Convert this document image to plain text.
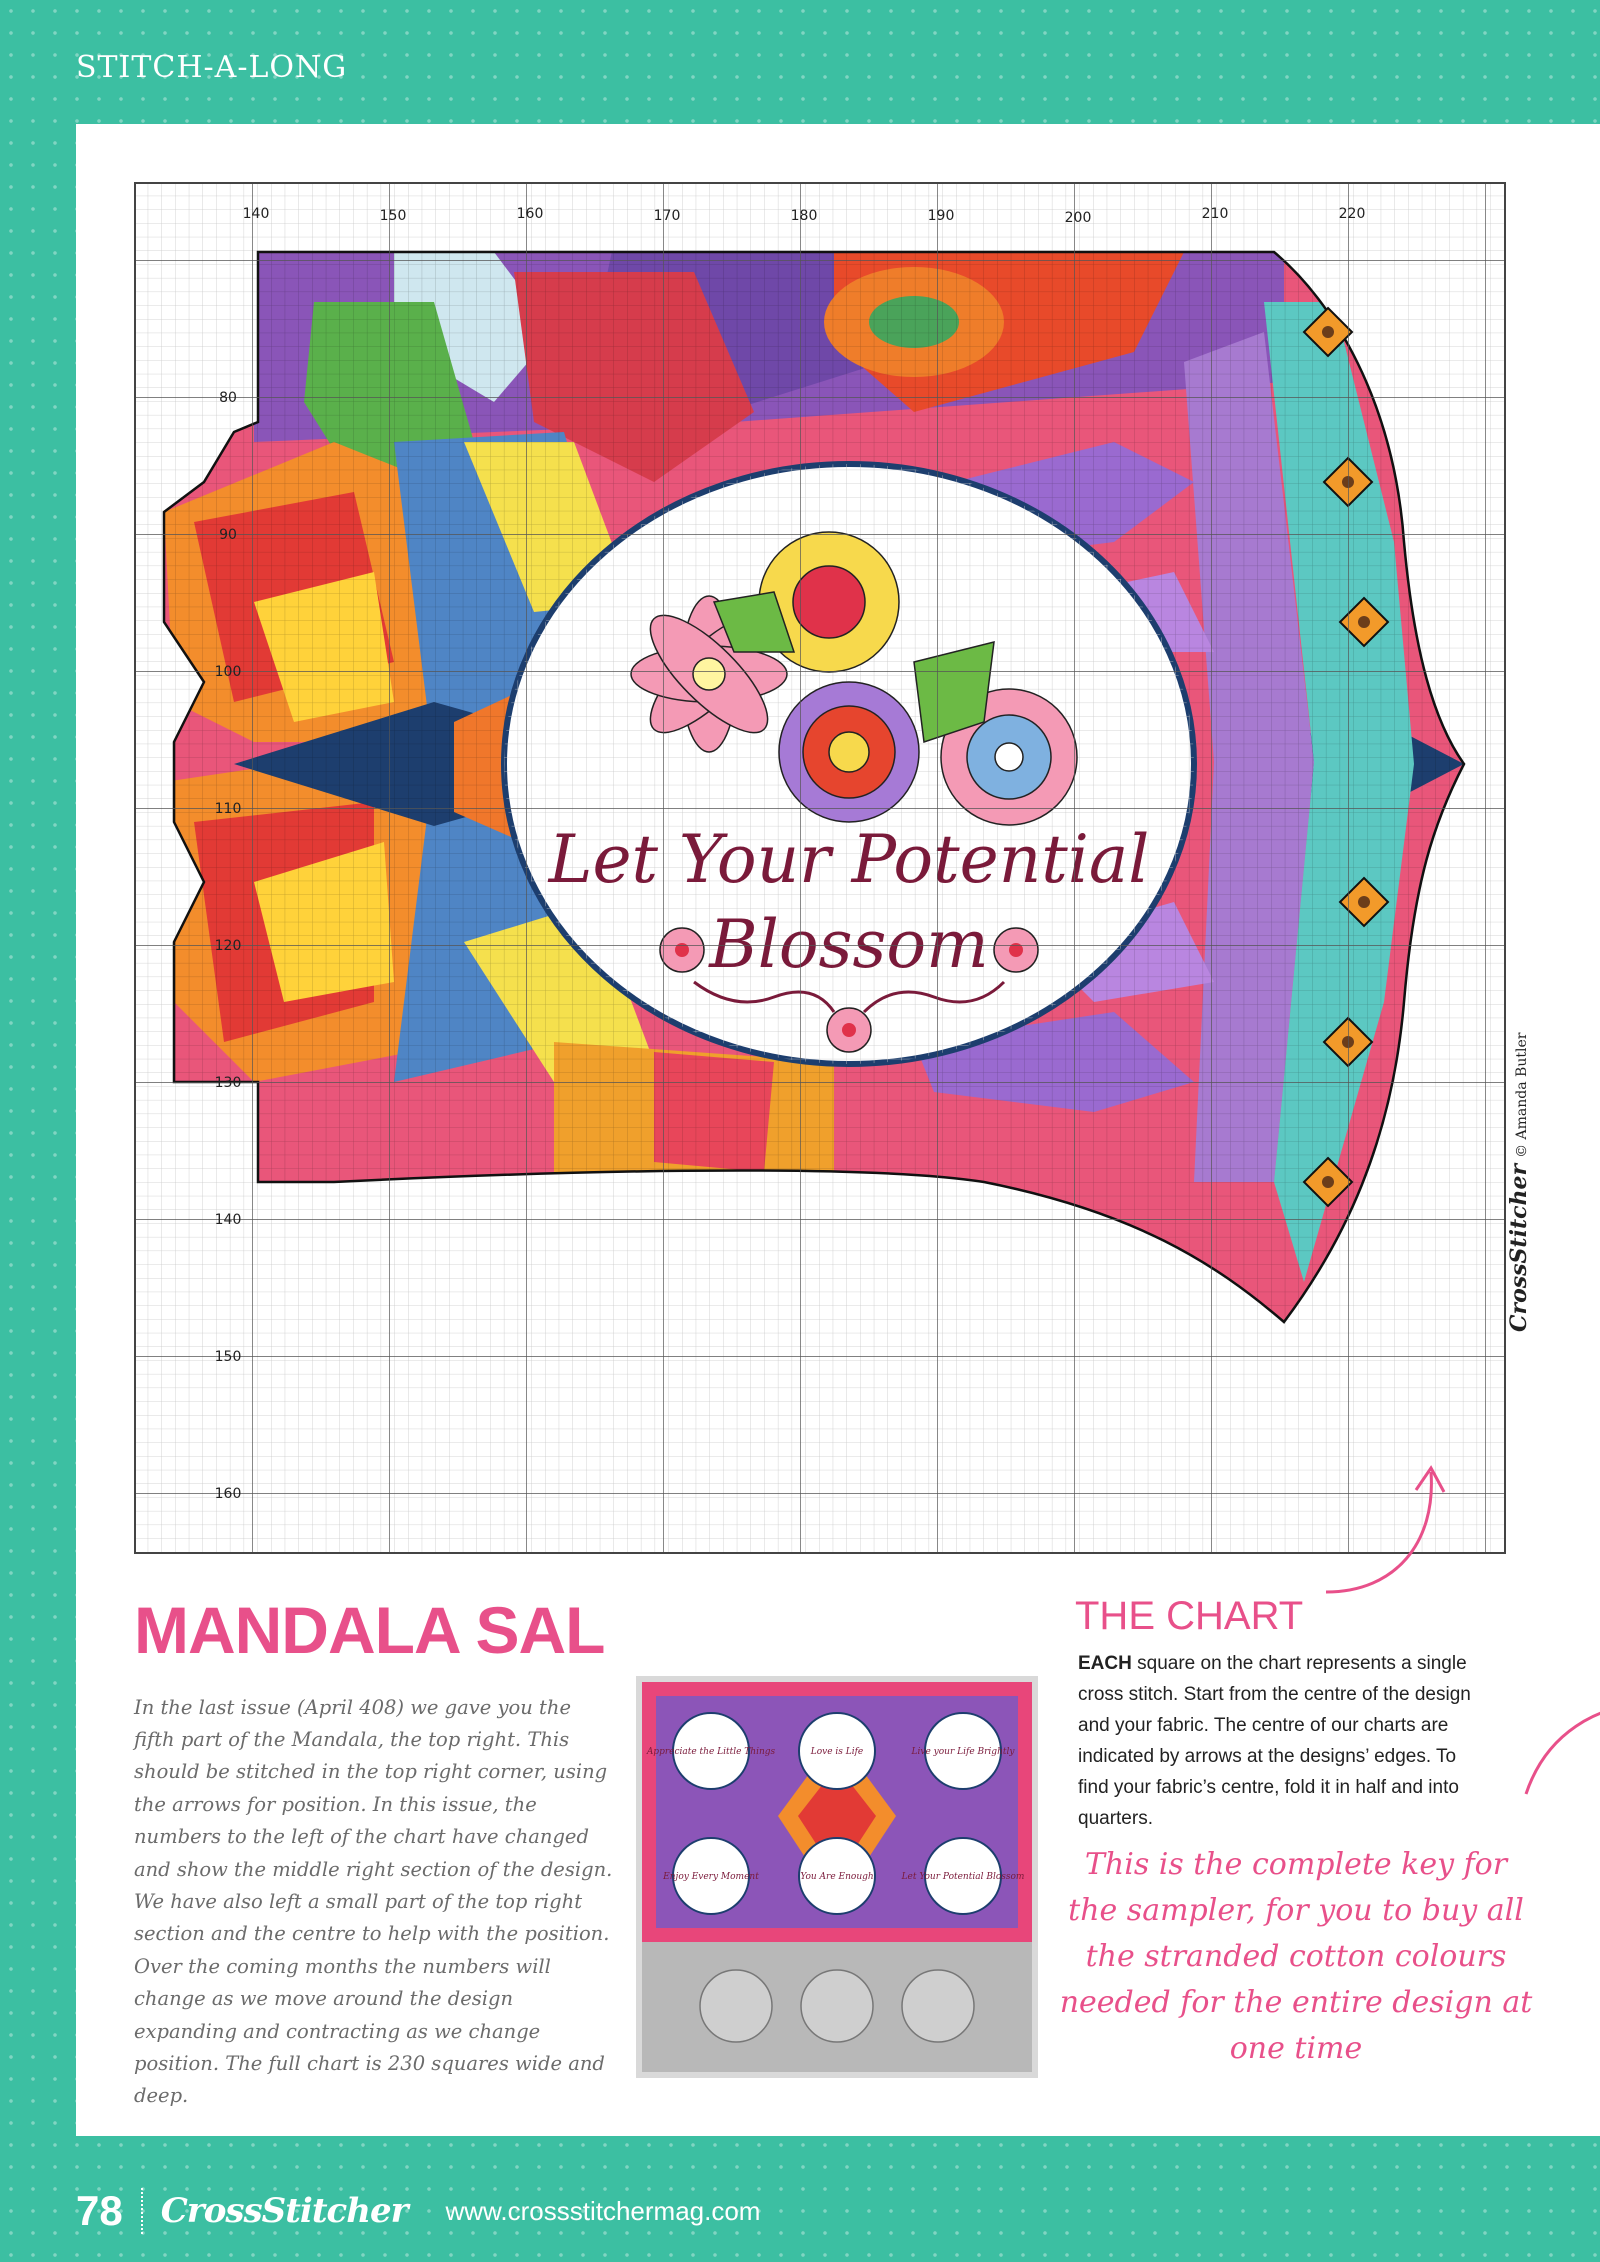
STITCH-A-LONG
140	150	160	170	180	190	200	210	220
80
90
100
110
120
130
140
150
160
CrossStitcher© Amanda Butler
MANDALA SAL

In the last issue (April 408) we gave you the fifth part of the Mandala, the top right. This should be stitched in the top right corner, using the arrows for position. In this issue, the numbers to the left of the chart have changed and show the middle right section of the design. We have also left a small part of the top right section and the centre to help with the position. Over the coming months the numbers will change as we move around the design expanding and contracting as we change position. The full chart is 230 squares wide and deep.

Appreciate the Little Things	Love is Life	Live your Life Brightly
Enjoy Every Moment	You Are Enough	Let Your Potential Blossom
THE CHART
EACH square on the chart represents a single cross stitch. Start from the centre of the design and your fabric. The centre of our charts are indicated by arrows at the designs’ edges. To find your fabric’s centre, fold it in half and into quarters.
This is the complete key for the sampler, for you to buy all the stranded cotton colours needed for the entire design at one time
78 CrossStitcher www.crossstitchermag.com
